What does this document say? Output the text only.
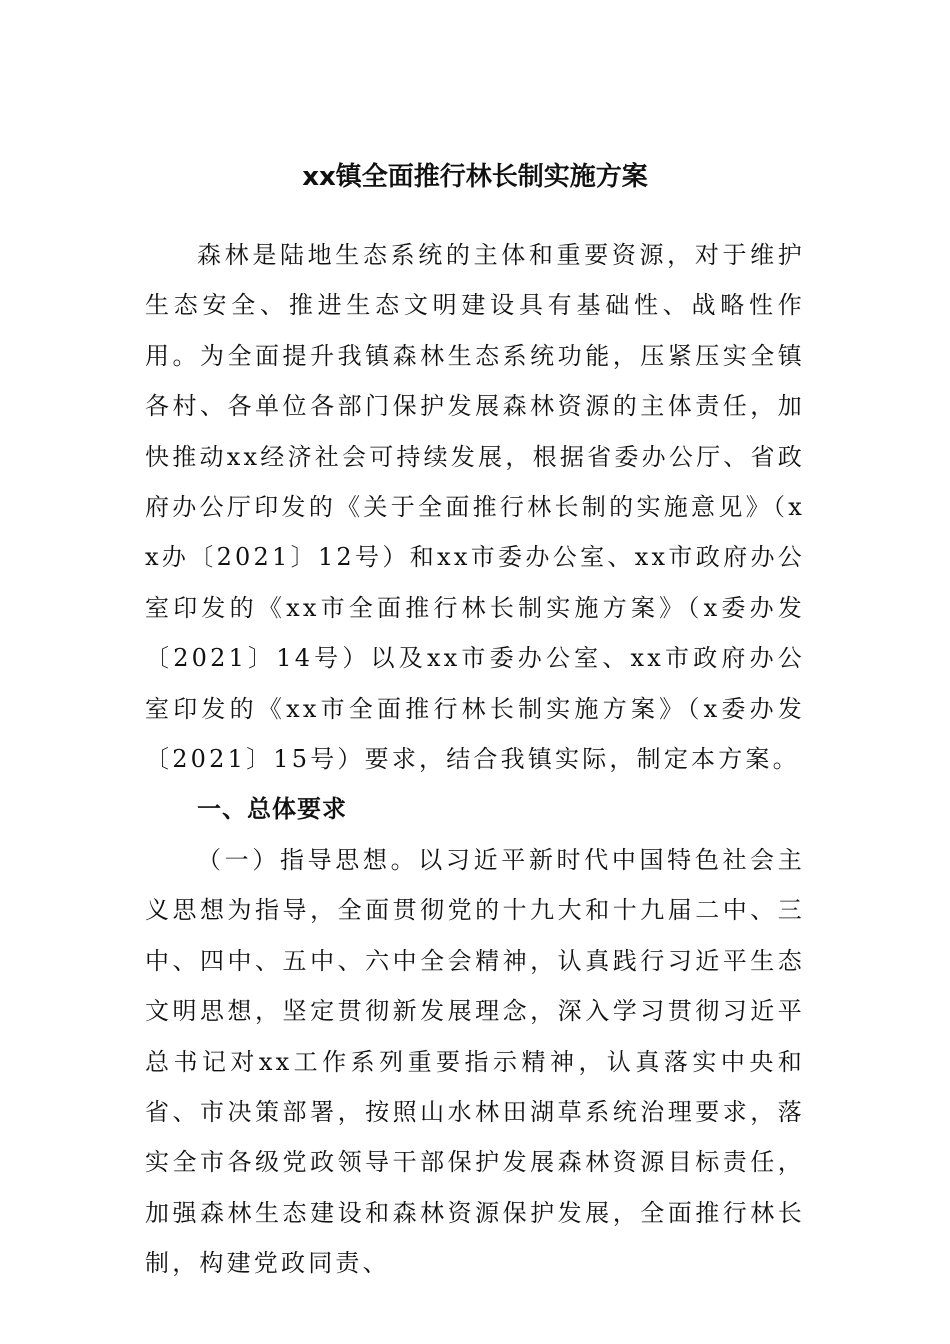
xx镇全面推行林长制实施方案

森林是陆地生态系统的主体和重要资源，对于维护生态安全、推进生态文明建设具有基础性、战略性作用。为全面提升我镇森林生态系统功能，压紧压实全镇各村、各单位各部门保护发展森林资源的主体责任，加快推动xx经济社会可持续发展，根据省委办公厅、省政府办公厅印发的《关于全面推行林长制的实施意见》（xx办〔2021〕12号）和xx市委办公室、xx市政府办公室印发的《xx市全面推行林长制实施方案》（x委办发〔2021〕14号）以及xx市委办公室、xx市政府办公室印发的《xx市全面推行林长制实施方案》（x委办发〔2021〕15号）要求，结合我镇实际，制定本方案。

一、总体要求

（一）指导思想。以习近平新时代中国特色社会主义思想为指导，全面贯彻党的十九大和十九届二中、三中、四中、五中、六中全会精神，认真践行习近平生态文明思想，坚定贯彻新发展理念，深入学习贯彻习近平总书记对xx工作系列重要指示精神，认真落实中央和省、市决策部署，按照山水林田湖草系统治理要求，落实全市各级党政领导干部保护发展森林资源目标责任，加强森林生态建设和森林资源保护发展，全面推行林长制，构建党政同责、
